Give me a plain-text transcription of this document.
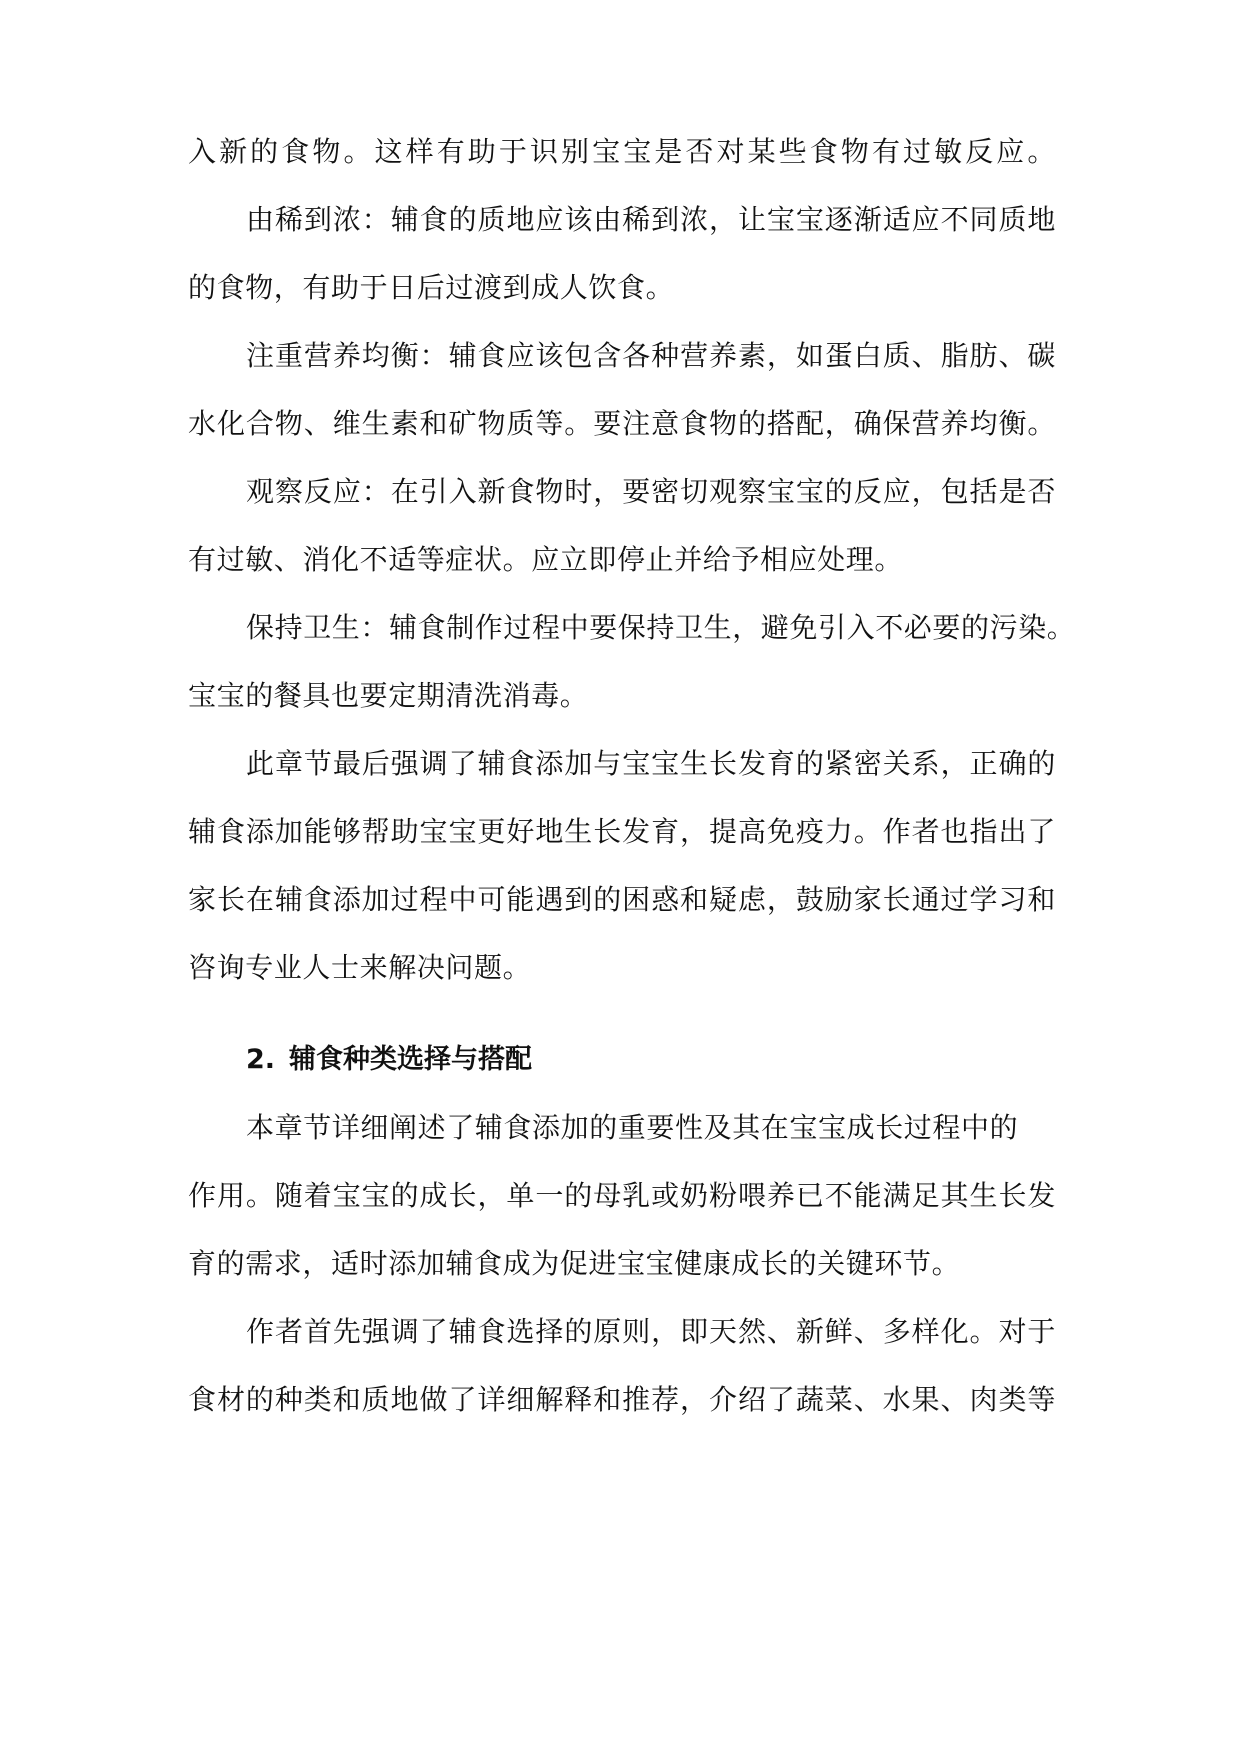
入新的食物。这样有助于识别宝宝是否对某些食物有过敏反应。
由稀到浓：辅食的质地应该由稀到浓，让宝宝逐渐适应不同质地
的食物，有助于日后过渡到成人饮食。
注重营养均衡：辅食应该包含各种营养素，如蛋白质、脂肪、碳
水化合物、维生素和矿物质等。要注意食物的搭配，确保营养均衡。
观察反应：在引入新食物时，要密切观察宝宝的反应，包括是否
有过敏、消化不适等症状。应立即停止并给予相应处理。
保持卫生：辅食制作过程中要保持卫生，避免引入不必要的污染。
宝宝的餐具也要定期清洗消毒。
此章节最后强调了辅食添加与宝宝生长发育的紧密关系，正确的
辅食添加能够帮助宝宝更好地生长发育，提高免疫力。作者也指出了
家长在辅食添加过程中可能遇到的困惑和疑虑，鼓励家长通过学习和
咨询专业人士来解决问题。
2. 辅食种类选择与搭配
本章节详细阐述了辅食添加的重要性及其在宝宝成长过程中的
作用。随着宝宝的成长，单一的母乳或奶粉喂养已不能满足其生长发
育的需求，适时添加辅食成为促进宝宝健康成长的关键环节。
作者首先强调了辅食选择的原则，即天然、新鲜、多样化。对于
食材的种类和质地做了详细解释和推荐，介绍了蔬菜、水果、肉类等
